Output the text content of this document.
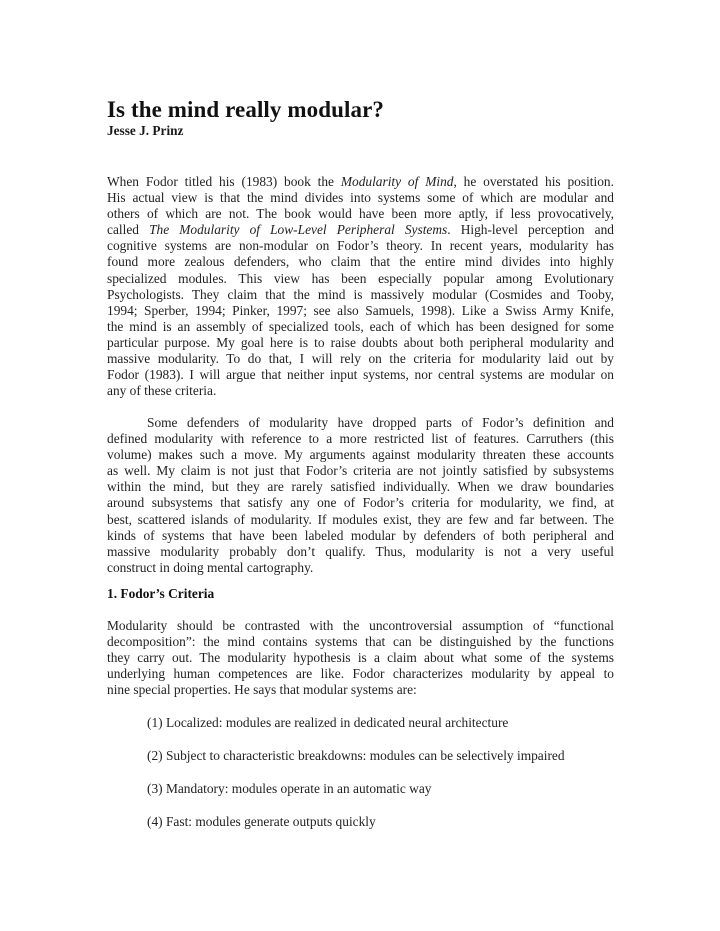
Is the mind really modular?
Jesse J. Prinz
When Fodor titled his (1983) book the Modularity of Mind, he overstated his position.
His actual view is that the mind divides into systems some of which are modular and
others of which are not. The book would have been more aptly, if less provocatively,
called The Modularity of Low-Level Peripheral Systems. High-level perception and
cognitive systems are non-modular on Fodor’s theory. In recent years, modularity has
found more zealous defenders, who claim that the entire mind divides into highly
specialized modules. This view has been especially popular among Evolutionary
Psychologists. They claim that the mind is massively modular (Cosmides and Tooby,
1994; Sperber, 1994; Pinker, 1997; see also Samuels, 1998). Like a Swiss Army Knife,
the mind is an assembly of specialized tools, each of which has been designed for some
particular purpose. My goal here is to raise doubts about both peripheral modularity and
massive modularity. To do that, I will rely on the criteria for modularity laid out by
Fodor (1983). I will argue that neither input systems, nor central systems are modular on
any of these criteria.
Some defenders of modularity have dropped parts of Fodor’s definition and
defined modularity with reference to a more restricted list of features. Carruthers (this
volume) makes such a move. My arguments against modularity threaten these accounts
as well. My claim is not just that Fodor’s criteria are not jointly satisfied by subsystems
within the mind, but they are rarely satisfied individually. When we draw boundaries
around subsystems that satisfy any one of Fodor’s criteria for modularity, we find, at
best, scattered islands of modularity. If modules exist, they are few and far between. The
kinds of systems that have been labeled modular by defenders of both peripheral and
massive modularity probably don’t qualify. Thus, modularity is not a very useful
construct in doing mental cartography.
1. Fodor’s Criteria
Modularity should be contrasted with the uncontroversial assumption of “functional
decomposition”: the mind contains systems that can be distinguished by the functions
they carry out. The modularity hypothesis is a claim about what some of the systems
underlying human competences are like. Fodor characterizes modularity by appeal to
nine special properties. He says that modular systems are:
(1) Localized: modules are realized in dedicated neural architecture
(2) Subject to characteristic breakdowns: modules can be selectively impaired
(3) Mandatory: modules operate in an automatic way
(4) Fast: modules generate outputs quickly
